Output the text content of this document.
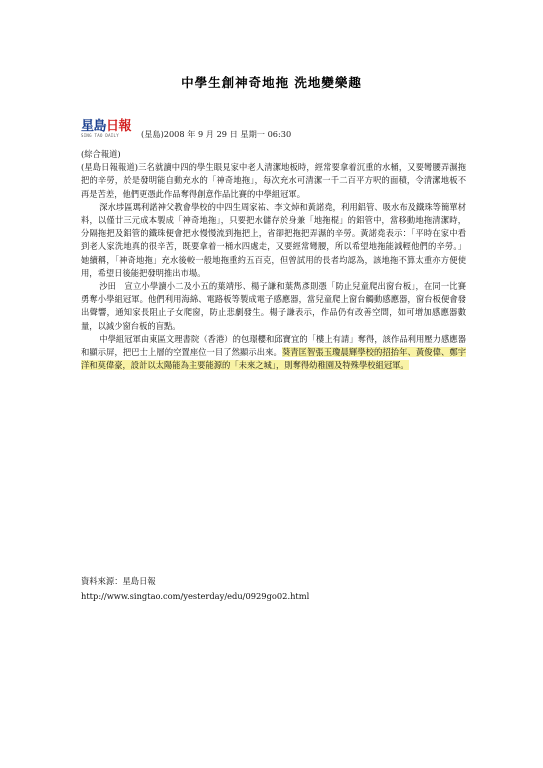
中學生創神奇地拖 洗地變樂趣
星島日報
SING TAO DAILY	(星島)2008 年 9 月 29 日 星期一 06:30

(綜合報道)

(星島日報報道)三名就讀中四的學生眼見家中老人清潔地板時，經常要拿着沉重的水桶，又要彎腰弄濕拖把的辛勞，於是發明能自動充水的「神奇地拖」，每次充水可清潔一千二百平方呎的面積，令清潔地板不再是苦差，他們更憑此作品奪得創意作品比賽的中學組冠軍。

深水埗區瑪利諾神父教會學校的中四生周家祐、李文焯和黃諾堯，利用鋁管、吸水布及鐵珠等簡單材料，以僅廿三元成本製成「神奇地拖」，只要把水儲存於身兼「地拖棍」的鋁管中，當移動地拖清潔時，分隔拖把及鋁管的鐵珠便會把水慢慢流到拖把上，省卻把拖把弄濕的辛勞。黃諾堯表示：「平時在家中看到老人家洗地真的很辛苦，既要拿着一桶水四處走，又要經常彎腰，所以希望地拖能減輕他們的辛勞。」她續稱，「神奇地拖」充水後較一般地拖重約五百克，但曾試用的長者均認為，該地拖不算太重亦方便使用，希望日後能把發明推出市場。

沙田　宣立小學讀小二及小五的葉靖彤、楊子謙和葉雋彥則憑「防止兒童爬出窗台板」，在同一比賽勇奪小學組冠軍。他們利用海綿、電路板等製成電子感應器，當兒童爬上窗台觸動感應器，窗台板便會發出聲響，通知家長阻止子女爬窗，防止悲劇發生。楊子謙表示，作品仍有改善空間，如可增加感應器數量，以減少窗台板的盲點。

中學組冠軍由東區文理書院（香港）的包璟櫻和邱寶宜的「樓上有請」奪得，該作品利用壓力感應器和顯示屏，把巴士上層的空置座位一目了然顯示出來。葵青匡智張玉瓊晨輝學校的招抬年、黃俊偉、鄭宇洋和莫偉豪，設計以太陽能為主要能源的「未來之城」，則奪得幼稚園及特殊學校組冠軍。

資料來源：星島日報
http://www.singtao.com/yesterday/edu/0929go02.html
